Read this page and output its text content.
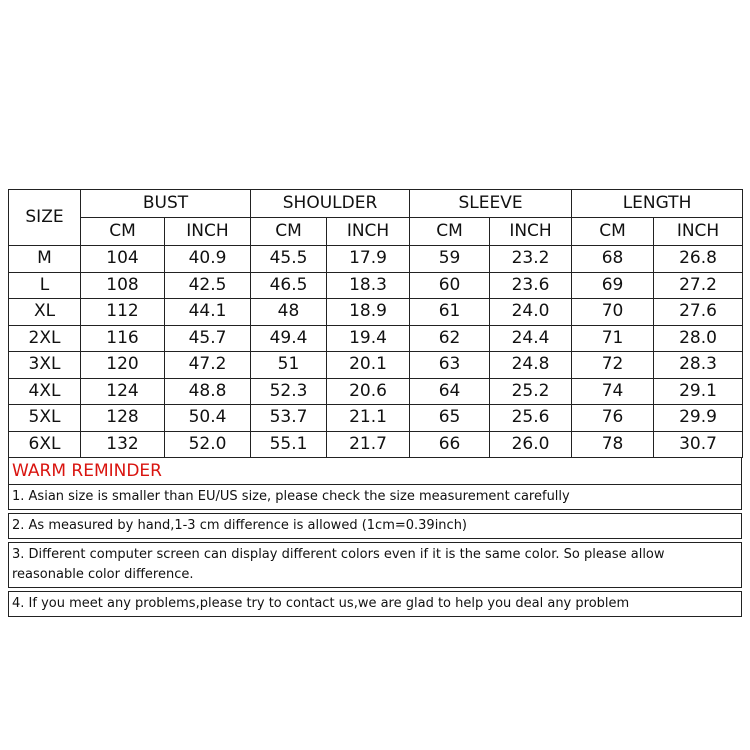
SIZE	BUST		SHOULDER		SLEEVE		LENGTH	
	CM	INCH	CM	INCH	CM	INCH	CM	INCH
M	104	40.9	45.5	17.9	59	23.2	68	26.8
L	108	42.5	46.5	18.3	60	23.6	69	27.2
XL	112	44.1	48	18.9	61	24.0	70	27.6
2XL	116	45.7	49.4	19.4	62	24.4	71	28.0
3XL	120	47.2	51	20.1	63	24.8	72	28.3
4XL	124	48.8	52.3	20.6	64	25.2	74	29.1
5XL	128	50.4	53.7	21.1	65	25.6	76	29.9
6XL	132	52.0	55.1	21.7	66	26.0	78	30.7
WARM REMINDER
1. Asian size is smaller than EU/US size, please check the size measurement carefully
2. As measured by hand,1-3 cm difference is allowed (1cm=0.39inch)
3. Different computer screen can display different colors even if it is the same color. So please allow reasonable color difference.
4. If you meet any problems,please try to contact us,we are glad to help you deal any problem
